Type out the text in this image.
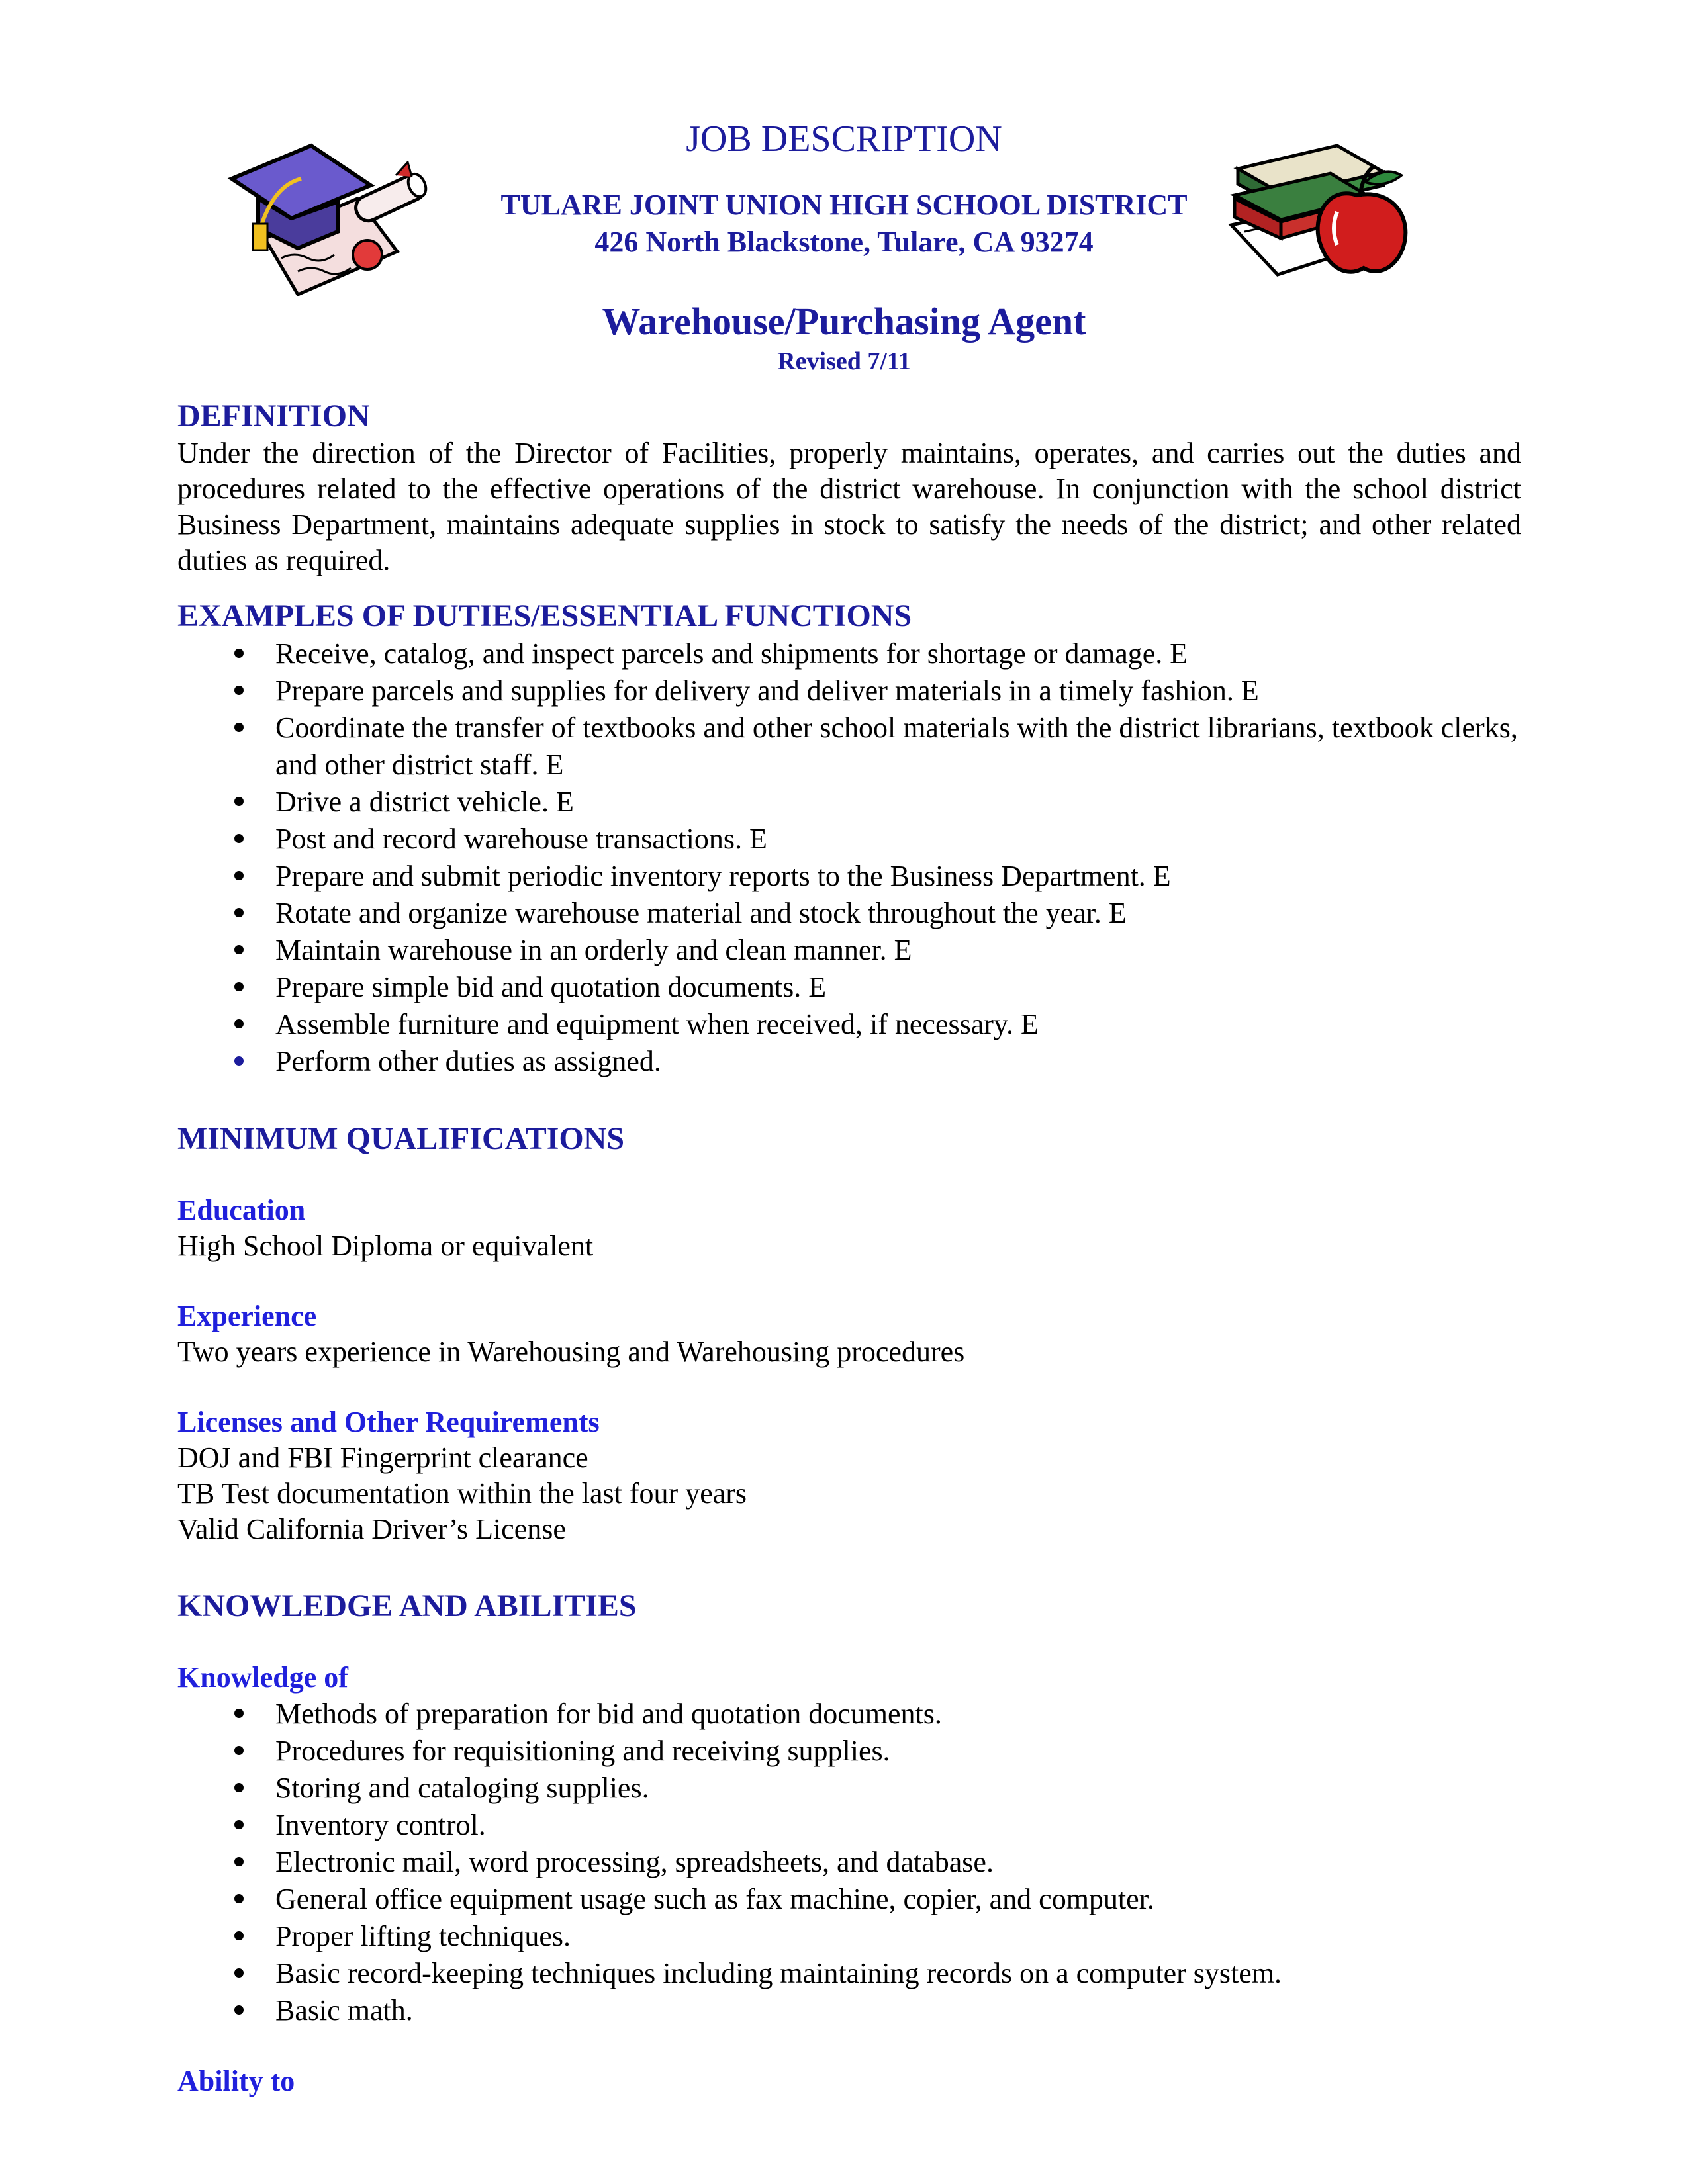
JOB DESCRIPTION
TULARE JOINT UNION HIGH SCHOOL DISTRICT
426 North Blackstone, Tulare, CA 93274
Warehouse/Purchasing Agent
Revised 7/11
DEFINITION

Under the direction of the Director of Facilities, properly maintains, operates, and carries out the duties and procedures related to the effective operations of the district warehouse. In conjunction with the school district Business Department, maintains adequate supplies in stock to satisfy the needs of the district; and other related duties as required.

EXAMPLES OF DUTIES/ESSENTIAL FUNCTIONS
Receive, catalog, and inspect parcels and shipments for shortage or damage. E
Prepare parcels and supplies for delivery and deliver materials in a timely fashion. E
Coordinate the transfer of textbooks and other school materials with the district librarians, textbook clerks, and other district staff. E
Drive a district vehicle. E
Post and record warehouse transactions. E
Prepare and submit periodic inventory reports to the Business Department. E
Rotate and organize warehouse material and stock throughout the year. E
Maintain warehouse in an orderly and clean manner. E
Prepare simple bid and quotation documents. E
Assemble furniture and equipment when received, if necessary. E
Perform other duties as assigned.
MINIMUM QUALIFICATIONS
Education

High School Diploma or equivalent

Experience

Two years experience in Warehousing and Warehousing procedures

Licenses and Other Requirements

DOJ and FBI Fingerprint clearance

TB Test documentation within the last four years

Valid California Driver’s License

KNOWLEDGE AND ABILITIES
Knowledge of
Methods of preparation for bid and quotation documents.
Procedures for requisitioning and receiving supplies.
Storing and cataloging supplies.
Inventory control.
Electronic mail, word processing, spreadsheets, and database.
General office equipment usage such as fax machine, copier, and computer.
Proper lifting techniques.
Basic record-keeping techniques including maintaining records on a computer system.
Basic math.
Ability to
